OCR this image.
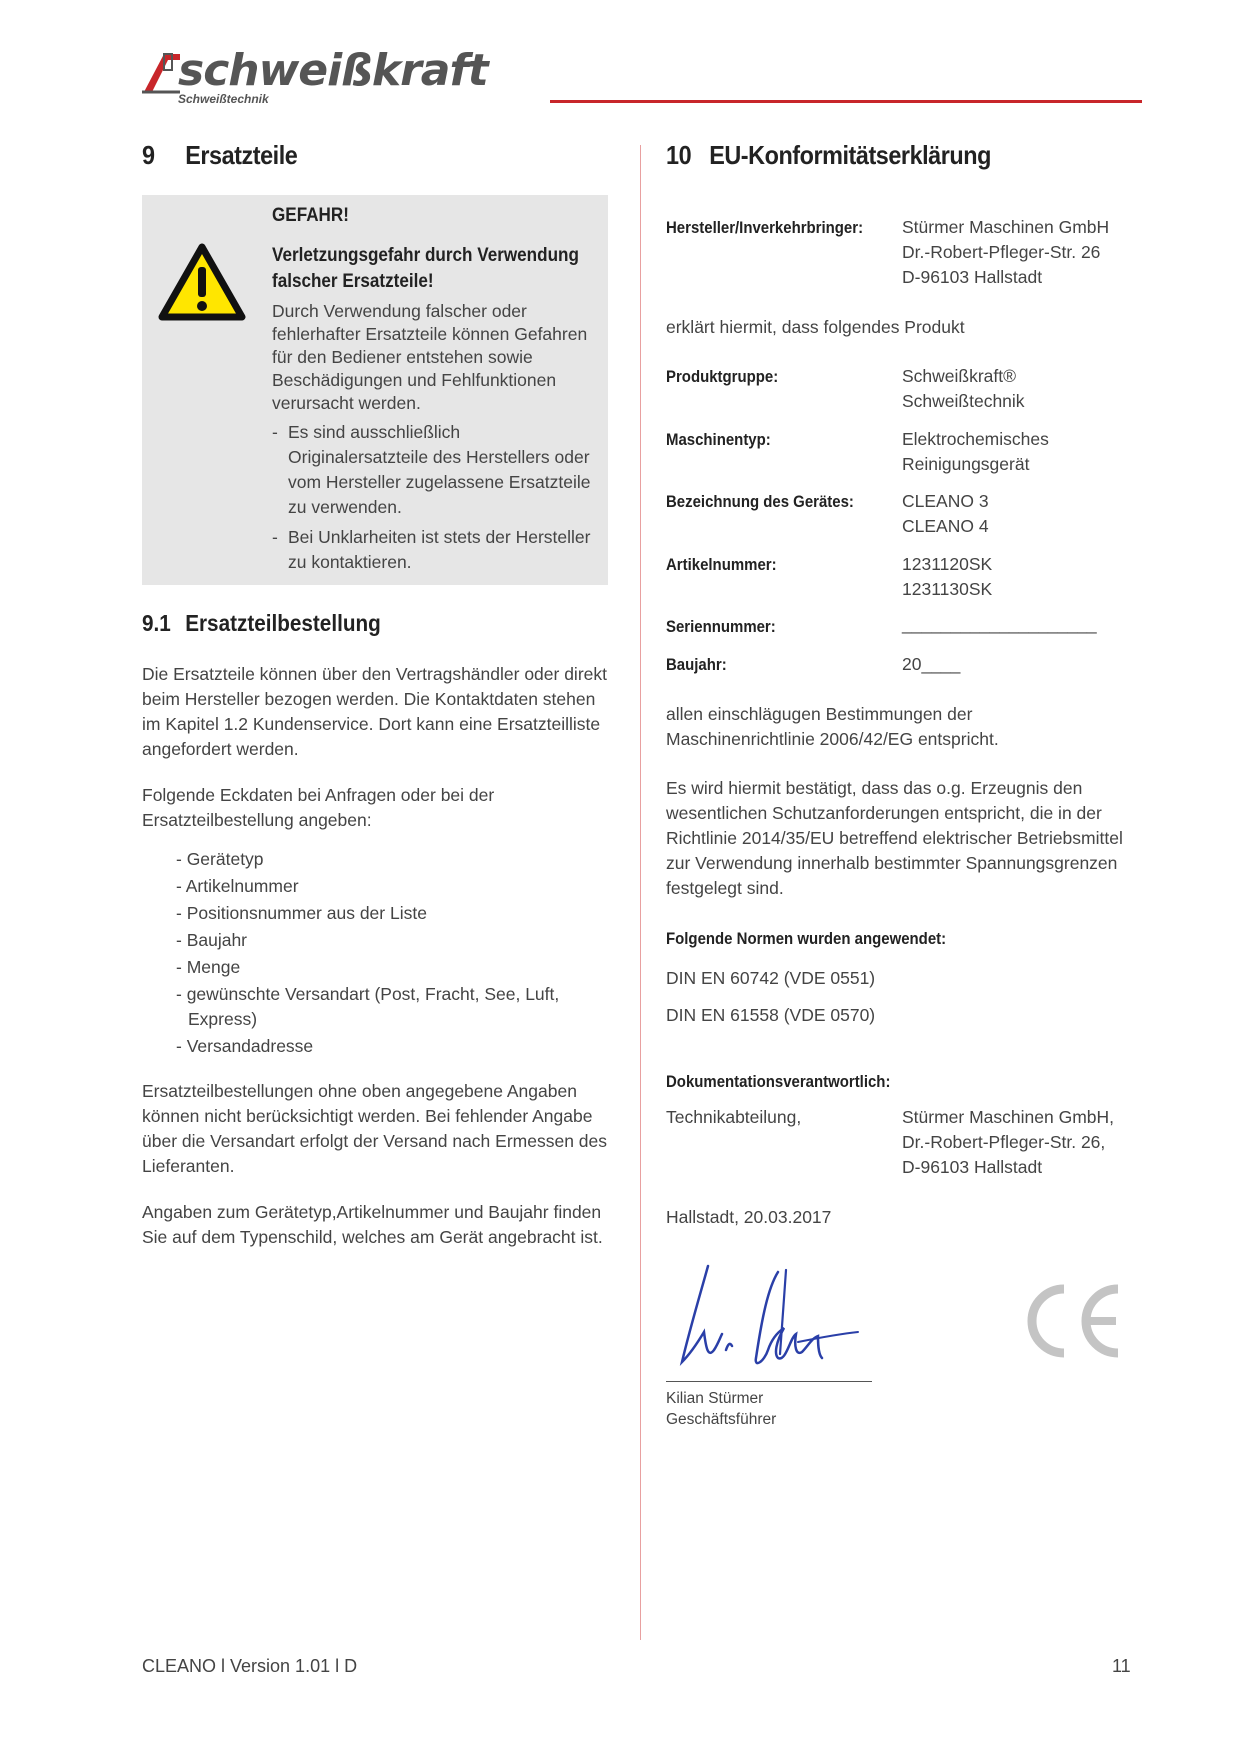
schweißkraft
Schweißtechnik
9 Ersatzteile
GEFAHR!
Verletzungsgefahr durch Verwendung falscher Ersatzteile!
Durch Verwendung falscher oder fehlerhafter Ersatzteile können Gefahren für den Bediener entstehen sowie Beschädigungen und Fehlfunktionen verursacht werden.
- Es sind ausschließlich Originalersatzteile des Herstellers oder vom Hersteller zugelassene Ersatzteile zu verwenden.
- Bei Unklarheiten ist stets der Hersteller zu kontaktieren.
9.1 Ersatzteilbestellung
Die Ersatzteile können über den Vertragshändler oder direkt beim Hersteller bezogen werden. Die Kontaktdaten stehen im Kapitel 1.2 Kundenservice. Dort kann eine Ersatzteilliste angefordert werden.
Folgende Eckdaten bei Anfragen oder bei der Ersatzteilbestellung angeben:
- Gerätetyp
- Artikelnummer
- Positionsnummer aus der Liste
- Baujahr
- Menge
- gewünschte Versandart (Post, Fracht, See, Luft, Express)
- Versandadresse
Ersatzteilbestellungen ohne oben angegebene Angaben können nicht berücksichtigt werden. Bei fehlender Angabe über die Versandart erfolgt der Versand nach Ermessen des Lieferanten.
Angaben zum Gerätetyp,Artikelnummer und Baujahr finden Sie auf dem Typenschild, welches am Gerät angebracht ist.
10 EU-Konformitätserklärung
Hersteller/Inverkehrbringer: Stürmer Maschinen GmbH
Dr.-Robert-Pfleger-Str. 26
D-96103 Hallstadt
erklärt hiermit, dass folgendes Produkt
Produktgruppe:	Schweißkraft®
Schweißtechnik
Maschinentyp:	Elektrochemisches
Reinigungsgerät
Bezeichnung des Gerätes:	CLEANO 3
CLEANO 4
Artikelnummer:	1231120SK
1231130SK
Seriennummer:	____________________
Baujahr:	20____
allen einschlägugen Bestimmungen der Maschinenrichtlinie 2006/42/EG entspricht.
Es wird hiermit bestätigt, dass das o.g. Erzeugnis den wesentlichen Schutzanforderungen entspricht, die in der Richtlinie 2014/35/EU betreffend elektrischer Betriebsmittel zur Verwendung innerhalb bestimmter Spannungsgrenzen festgelegt sind.
Folgende Normen wurden angewendet:
DIN EN 60742 (VDE 0551)
DIN EN 61558 (VDE 0570)
Dokumentationsverantwortlich:
Technikabteilung,	Stürmer Maschinen GmbH,
Dr.-Robert-Pfleger-Str. 26,
D-96103 Hallstadt
Hallstadt, 20.03.2017
Kilian Stürmer
Geschäftsführer
CLEANO l Version 1.01 l D	11
